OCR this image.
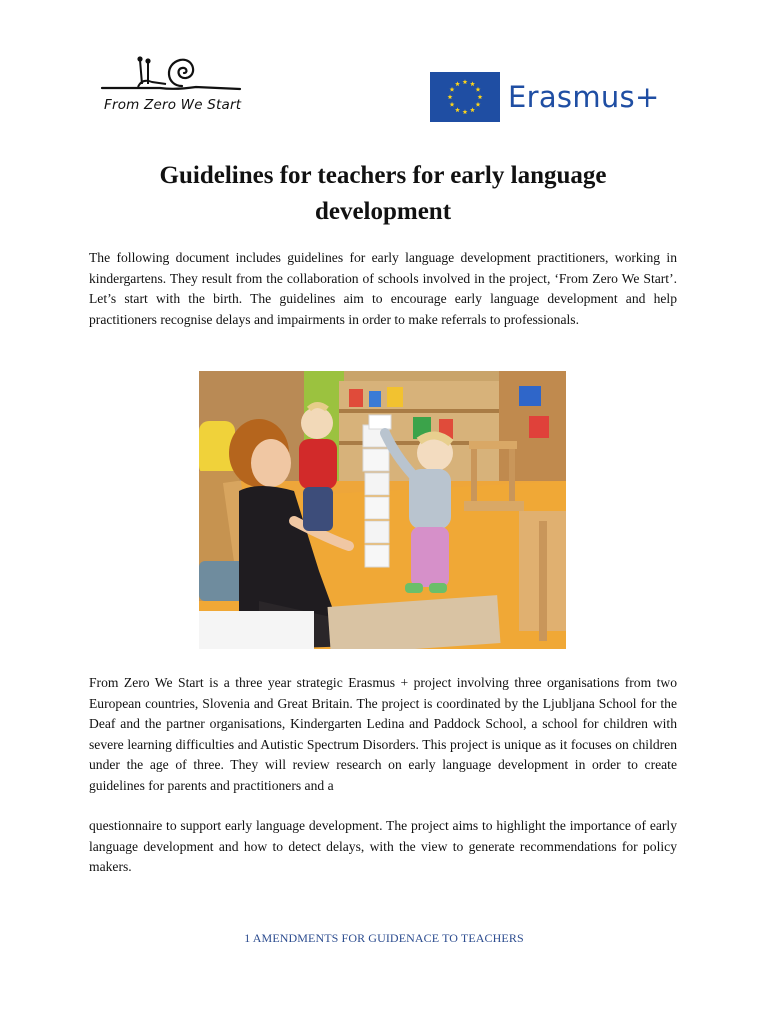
From Zero We Start	Erasmus+
Guidelines for teachers for early language development

The following document includes guidelines for early language development practitioners, working in kindergartens. They result from the collaboration of schools involved in the project, ‘From Zero We Start’. Let’s start with the birth. The guidelines aim to encourage early language development and help practitioners recognise delays and impairments in order to make referrals to professionals.

From Zero We Start is a three year strategic Erasmus + project involving three organisations from two European countries, Slovenia and Great Britain. The project is coordinated by the Ljubljana School for the Deaf and the partner organisations, Kindergarten Ledina and Paddock School, a school for children with severe learning difficulties and Autistic Spectrum Disorders. This project is unique as it focuses on children under the age of three. They will review research on early language development in order to create guidelines for parents and practitioners and a

questionnaire to support early language development. The project aims to highlight the importance of early language development and how to detect delays, with the view to generate recommendations for policy makers.

1 AMENDMENTS FOR GUIDENACE TO TEACHERS
